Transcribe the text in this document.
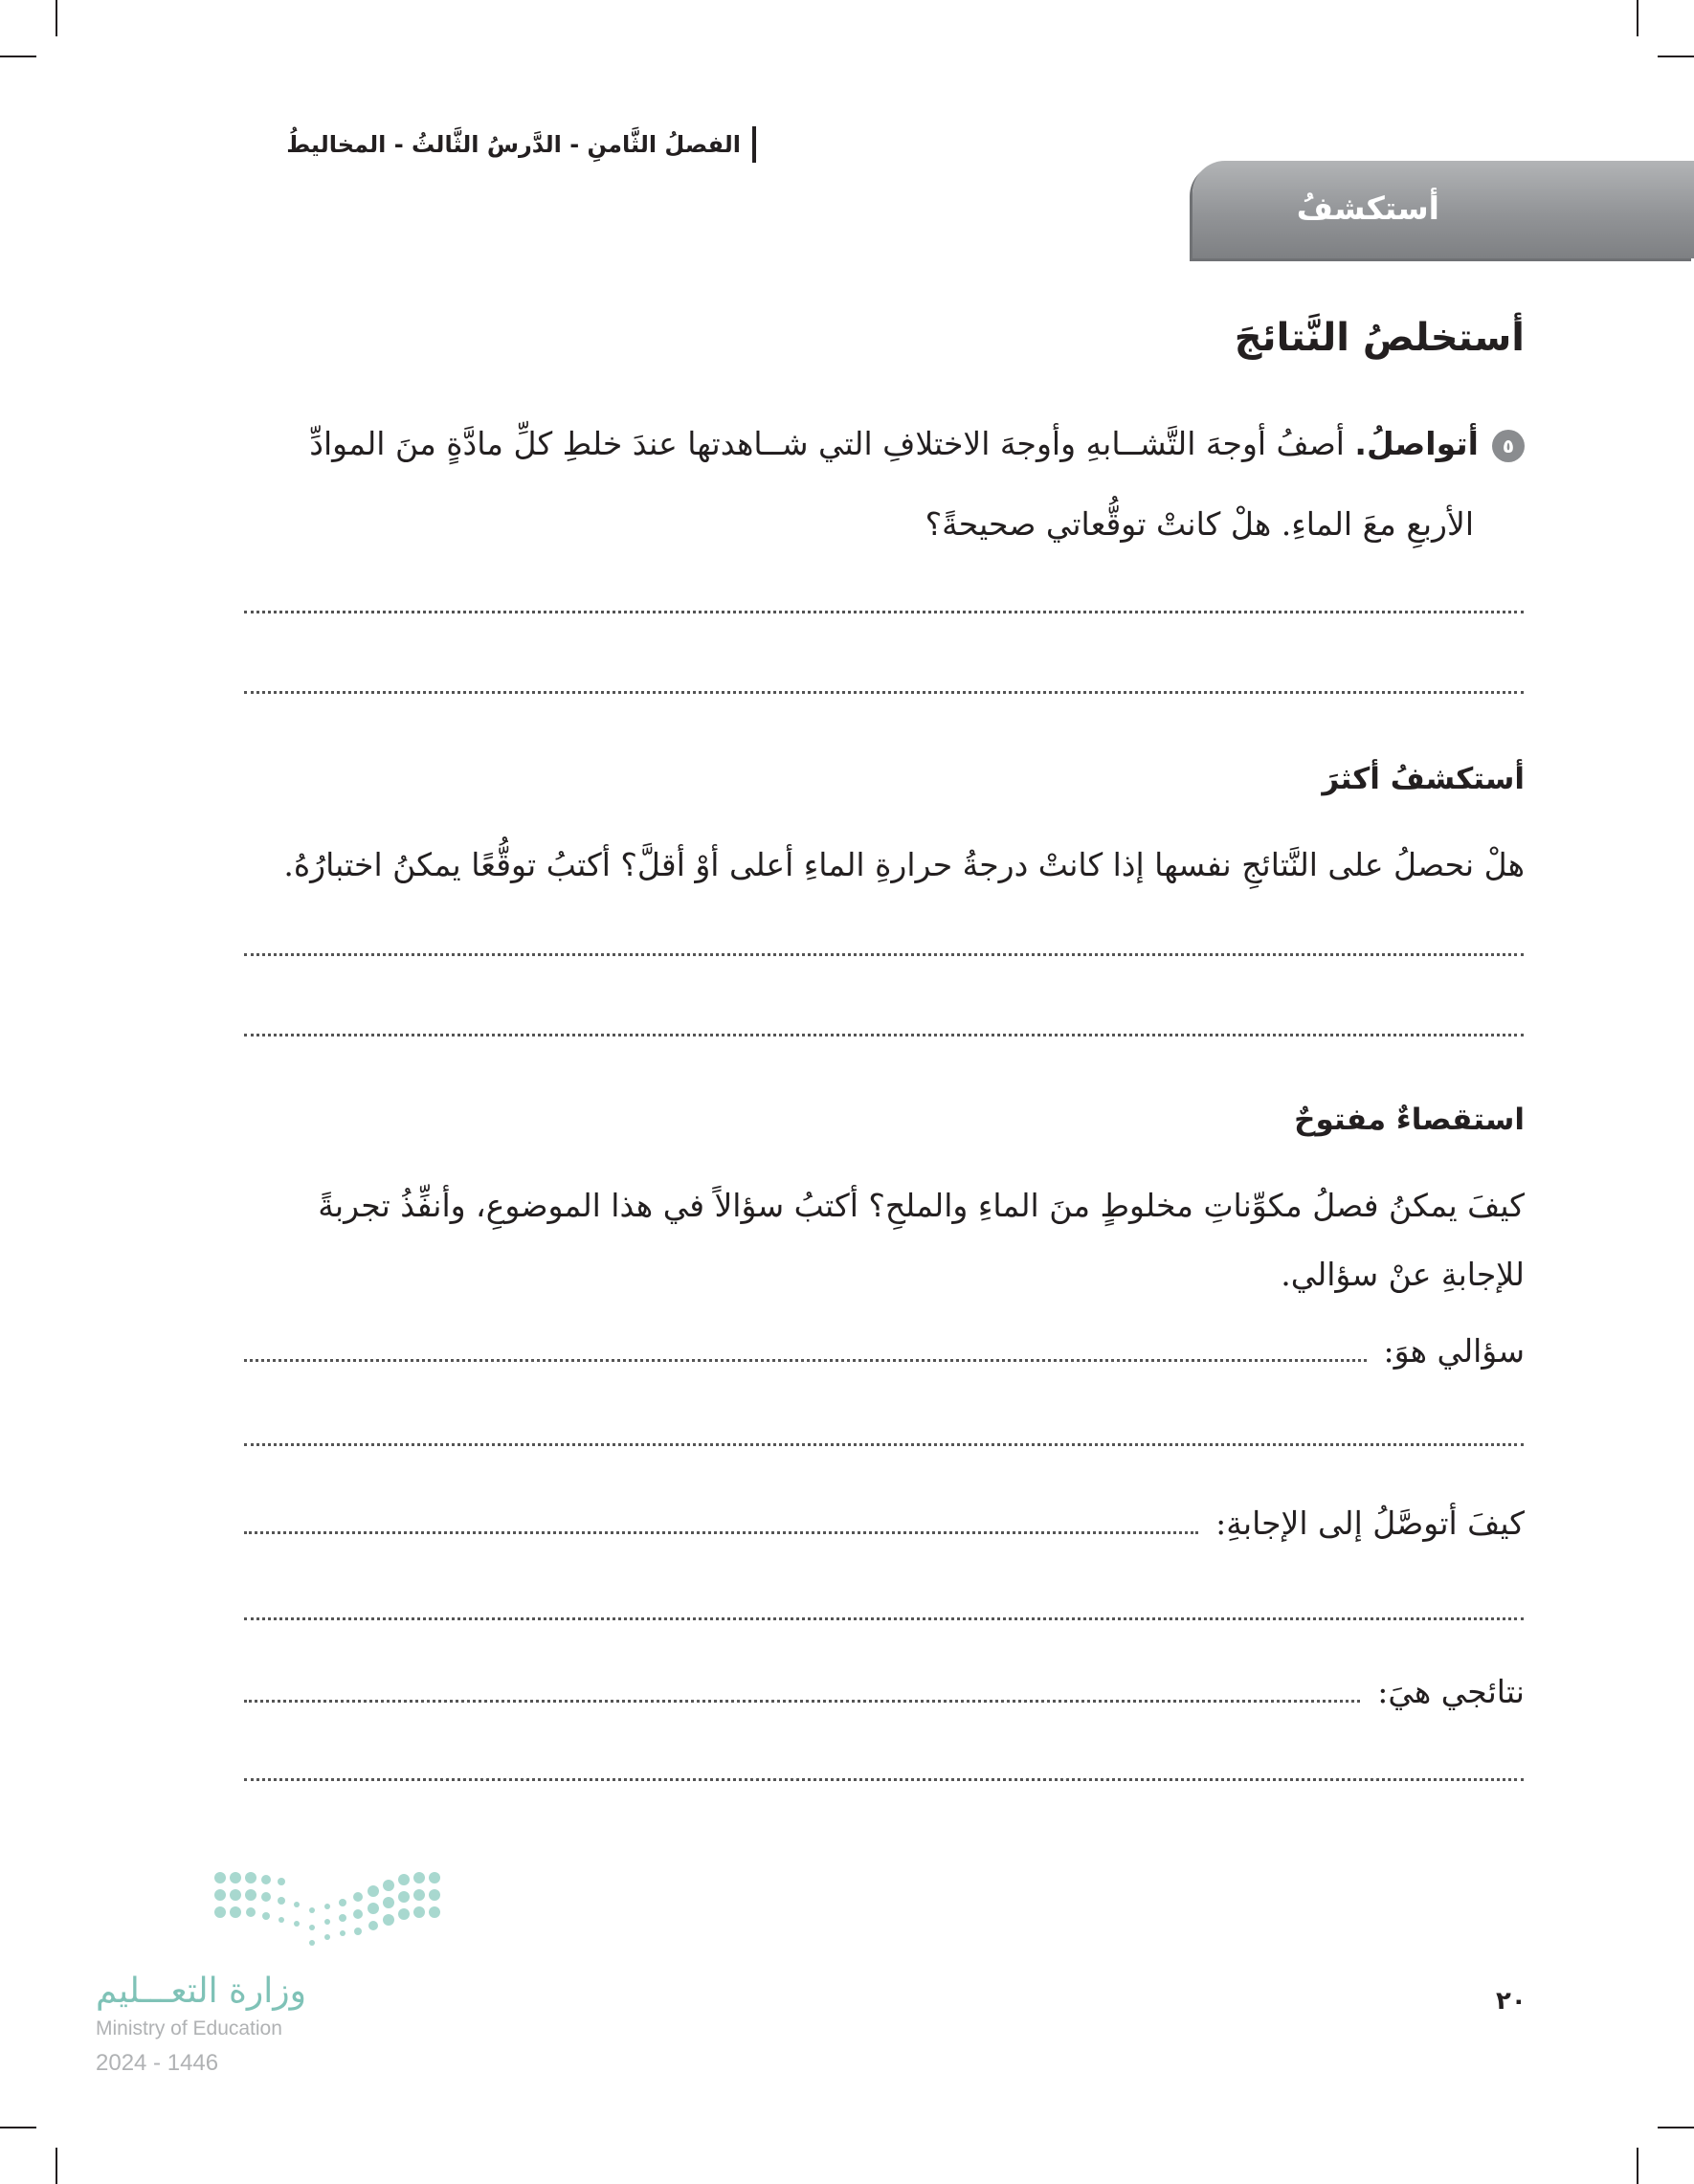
الفصلُ الثَّامنِ - الدَّرسُ الثَّالثُ - المخاليطُ
أستكشفُ
أستخلصُ النَّتائجَ
٥أتواصلُ. أصفُ أوجهَ التَّشــابهِ وأوجهَ الاختلافِ التي شــاهدتها عندَ خلطِ كلِّ مادَّةٍ منَ الموادِّ
الأربعِ معَ الماءِ. هلْ كانتْ توقُّعاتي صحيحةً؟
أستكشفُ أكثرَ
هلْ نحصلُ على النَّتائجِ نفسها إذا كانتْ درجةُ حرارةِ الماءِ أعلى أوْ أقلَّ؟ أكتبُ توقُّعًا يمكنُ اختبارُهُ.
استقصاءٌ مفتوحٌ
كيفَ يمكنُ فصلُ مكوِّناتِ مخلوطٍ منَ الماءِ والملحِ؟ أكتبُ سؤالاً في هذا الموضوعِ، وأنفِّذُ تجربةً
للإجابةِ عنْ سؤالي.
سؤالي هوَ:
كيفَ أتوصَّلُ إلى الإجابةِ:
نتائجي هيَ:
وزارة التعـــليم
Ministry of Education
2024 - 1446
٢٠
